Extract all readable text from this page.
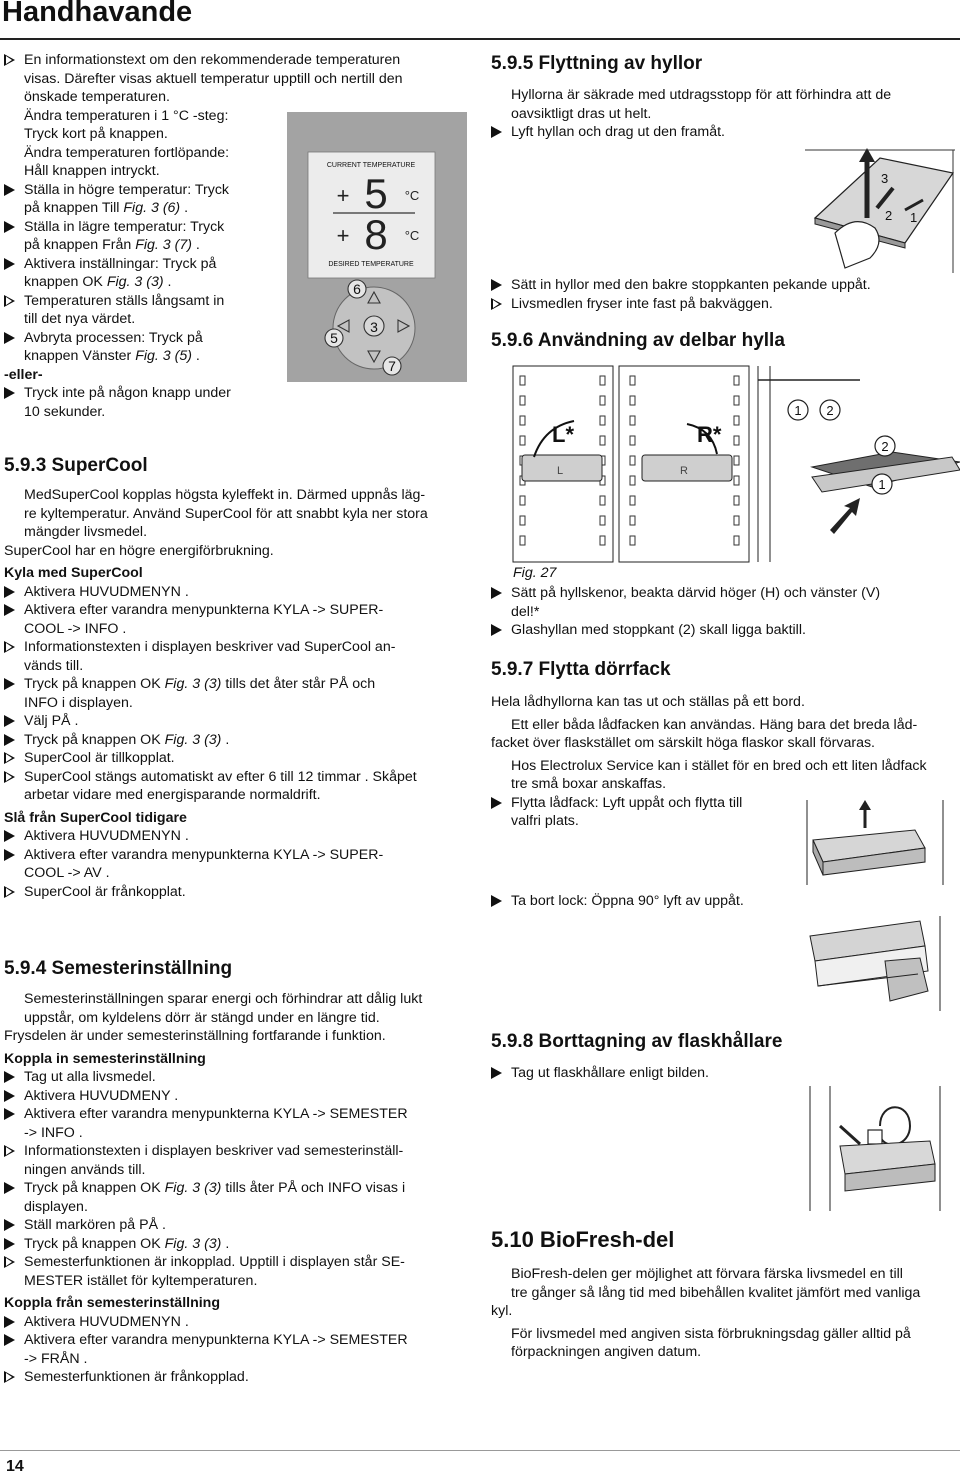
Handhavande
En informationstext om den rekommenderade temperaturen
visas. Därefter visas aktuell temperatur upptill och nertill den
önskade temperaturen.
Ändra temperaturen i 1 °C -steg:
Tryck kort på knappen.
Ändra temperaturen fortlöpande:
Håll knappen intryckt.
Ställa in högre temperatur: Tryck
på knappen Till Fig. 3 (6) .
Ställa in lägre temperatur: Tryck
på knappen Från Fig. 3 (7) .
Aktivera inställningar: Tryck på
knappen OK Fig. 3 (3) .
Temperaturen ställs långsamt in
till det nya värdet.
Avbryta processen: Tryck på
knappen Vänster Fig. 3 (5) .
-eller-
Tryck inte på någon knapp under
10 sekunder.
CURRENT TEMPERATURE
+ 5 °C
+ 8 °C
DESIRED TEMPERATURE
3
6
5
7
5.9.3 SuperCool
MedSuperCool kopplas högsta kyleffekt in. Därmed uppnås läg-
re kyltemperatur. Använd SuperCool för att snabbt kyla ner stora
mängder livsmedel.
SuperCool har en högre energiförbrukning.
Kyla med SuperCool
Aktivera HUVUDMENYN .
Aktivera efter varandra menypunkterna KYLA -> SUPER-
COOL -> INFO .
Informationstexten i displayen beskriver vad SuperCool an-
vänds till.
Tryck på knappen OK Fig. 3 (3) tills det åter står PÅ och
INFO i displayen.
Välj PÅ .
Tryck på knappen OK Fig. 3 (3) .
SuperCool är tillkopplat.
SuperCool stängs automatiskt av efter 6 till 12 timmar . Skåpet
arbetar vidare med energisparande normaldrift.
Slå från SuperCool tidigare
Aktivera HUVUDMENYN .
Aktivera efter varandra menypunkterna KYLA -> SUPER-
COOL -> AV .
SuperCool är frånkopplat.
5.9.4 Semesterinställning
Semesterinställningen sparar energi och förhindrar att dålig lukt
uppstår, om kyldelens dörr är stängd under en längre tid.
Frysdelen är under semesterinställning fortfarande i funktion.
Koppla in semesterinställning
Tag ut alla livsmedel.
Aktivera HUVUDMENY .
Aktivera efter varandra menypunkterna KYLA -> SEMESTER
-> INFO .
Informationstexten i displayen beskriver vad semesterinställ-
ningen används till.
Tryck på knappen OK Fig. 3 (3) tills åter PÅ och INFO visas i
displayen.
Ställ markören på PÅ .
Tryck på knappen OK Fig. 3 (3) .
Semesterfunktionen är inkopplad. Upptill i displayen står SE-
MESTER istället för kyltemperaturen.
Koppla från semesterinställning
Aktivera HUVUDMENYN .
Aktivera efter varandra menypunkterna KYLA -> SEMESTER
-> FRÅN .
Semesterfunktionen är frånkopplad.
5.9.5 Flyttning av hyllor
Hyllorna är säkrade med utdragsstopp för att förhindra att de
oavsiktligt dras ut helt.
Lyft hyllan och drag ut den framåt.
3
2 1
Sätt in hyllor med den bakre stoppkanten pekande uppåt.
Livsmedlen fryser inte fast på bakväggen.
5.9.6 Användning av delbar hylla
L
L*
R
R*
1 2
2
1
Fig. 27
Sätt på hyllskenor, beakta därvid höger (H) och vänster (V)
del!*
Glashyllan med stoppkant (2) skall ligga baktill.
5.9.7 Flytta dörrfack
Hela lådhyllorna kan tas ut och ställas på ett bord.
Ett eller båda lådfacken kan användas. Häng bara det breda låd-
facket över flaskstället om särskilt höga flaskor skall förvaras.
Hos Electrolux Service kan i stället för en bred och ett liten lådfack
tre små boxar anskaffas.
Flytta lådfack: Lyft uppåt och flytta till
valfri plats.
Ta bort lock: Öppna 90° lyft av uppåt.
5.9.8 Borttagning av flaskhållare
Tag ut flaskhållare enligt bilden.
5.10 BioFresh-del
BioFresh-delen ger möjlighet att förvara färska livsmedel en till
tre gånger så lång tid med bibehållen kvalitet jämfört med vanliga
kyl.
För livsmedel med angiven sista förbrukningsdag gäller alltid på
förpackningen angiven datum.
14
